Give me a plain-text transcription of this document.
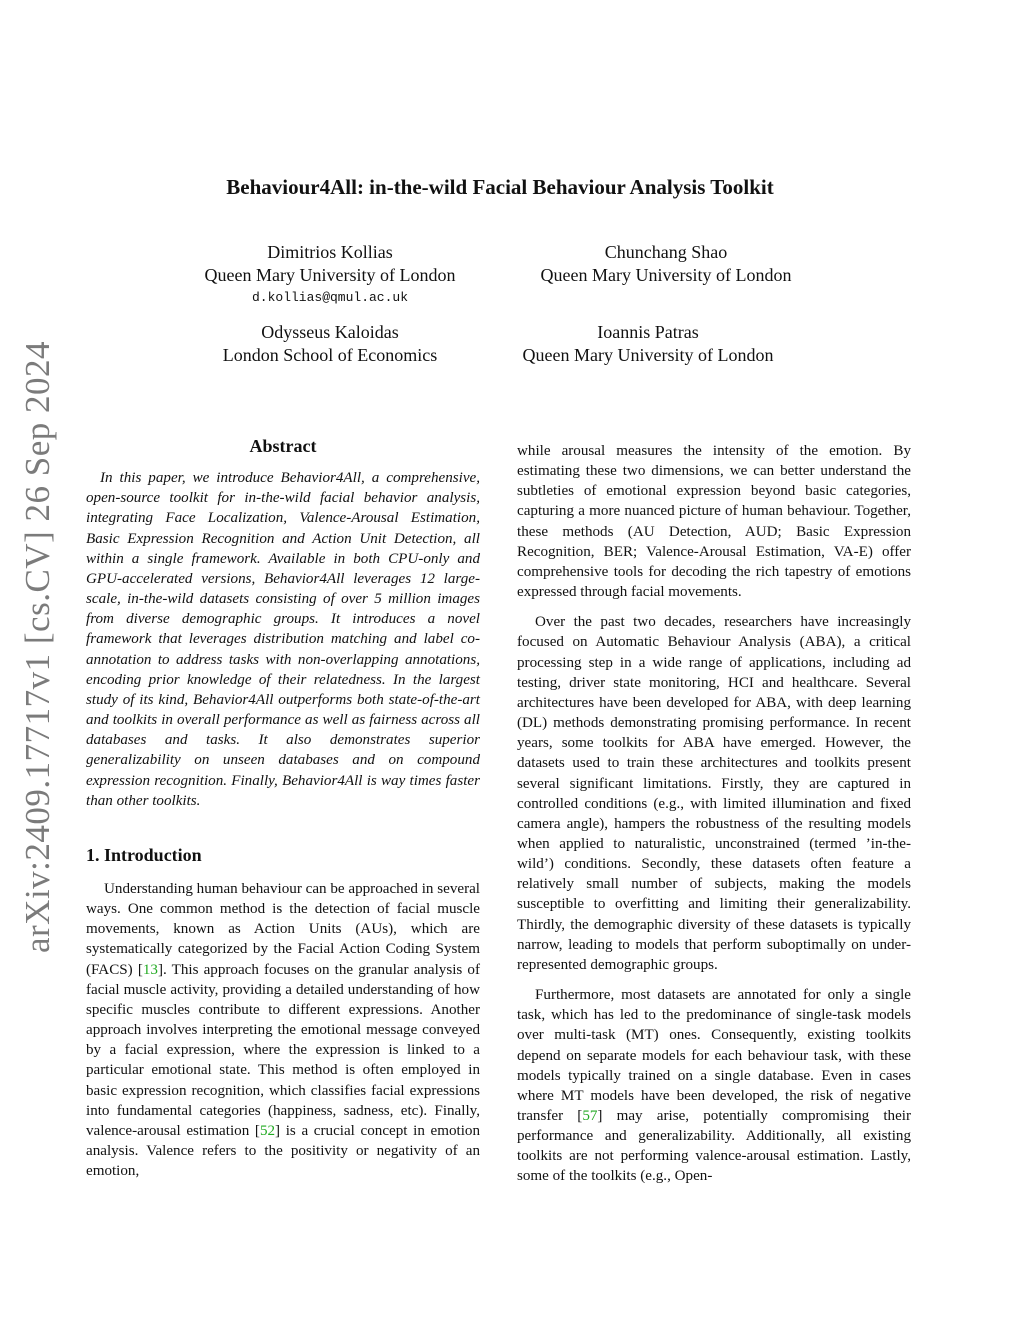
arXiv:2409.17717v1 [cs.CV] 26 Sep 2024
Behaviour4All: in-the-wild Facial Behaviour Analysis Toolkit
Dimitrios Kollias
Queen Mary University of London
d.kollias@qmul.ac.uk
Chunchang Shao
Queen Mary University of London
Odysseus Kaloidas
London School of Economics
Ioannis Patras
Queen Mary University of London
Abstract

In this paper, we introduce Behavior4All, a comprehensive, open-source toolkit for in-the-wild facial behavior analysis, integrating Face Localization, Valence-Arousal Estimation, Basic Expression Recognition and Action Unit Detection, all within a single framework. Available in both CPU-only and GPU-accelerated versions, Behavior4All leverages 12 large-scale, in-the-wild datasets consisting of over 5 million images from diverse demographic groups. It introduces a novel framework that leverages distribution matching and label co-annotation to address tasks with non-overlapping annotations, encoding prior knowledge of their relatedness. In the largest study of its kind, Behavior4All outperforms both state-of-the-art and toolkits in overall performance as well as fairness across all databases and tasks. It also demonstrates superior generalizability on unseen databases and on compound expression recognition. Finally, Behavior4All is way times faster than other toolkits.

1. Introduction

Understanding human behaviour can be approached in several ways. One common method is the detection of facial muscle movements, known as Action Units (AUs), which are systematically categorized by the Facial Action Coding System (FACS) [13]. This approach focuses on the granular analysis of facial muscle activity, providing a detailed understanding of how specific muscles contribute to different expressions. Another approach involves interpreting the emotional message conveyed by a facial expression, where the expression is linked to a particular emotional state. This method is often employed in basic expression recognition, which classifies facial expressions into fundamental categories (happiness, sadness, etc). Finally, valence-arousal estimation [52] is a crucial concept in emotion analysis. Valence refers to the positivity or negativity of an emotion,

while arousal measures the intensity of the emotion. By estimating these two dimensions, we can better understand the subtleties of emotional expression beyond basic categories, capturing a more nuanced picture of human behaviour. Together, these methods (AU Detection, AUD; Basic Expression Recognition, BER; Valence-Arousal Estimation, VA-E) offer comprehensive tools for decoding the rich tapestry of emotions expressed through facial movements.

Over the past two decades, researchers have increasingly focused on Automatic Behaviour Analysis (ABA), a critical processing step in a wide range of applications, including ad testing, driver state monitoring, HCI and healthcare. Several architectures have been developed for ABA, with deep learning (DL) methods demonstrating promising performance. In recent years, some toolkits for ABA have emerged. However, the datasets used to train these architectures and toolkits present several significant limitations. Firstly, they are captured in controlled conditions (e.g., with limited illumination and fixed camera angle), hampers the robustness of the resulting models when applied to naturalistic, unconstrained (termed ’in-the-wild’) conditions. Secondly, these datasets often feature a relatively small number of subjects, making the models susceptible to overfitting and limiting their generalizability. Thirdly, the demographic diversity of these datasets is typically narrow, leading to models that perform suboptimally on under-represented demographic groups.

Furthermore, most datasets are annotated for only a single task, which has led to the predominance of single-task models over multi-task (MT) ones. Consequently, existing toolkits depend on separate models for each behaviour task, with these models typically trained on a single database. Even in cases where MT models have been developed, the risk of negative transfer [57] may arise, potentially compromising their performance and generalizability. Additionally, all existing toolkits are not performing valence-arousal estimation. Lastly, some of the toolkits (e.g., Open-
